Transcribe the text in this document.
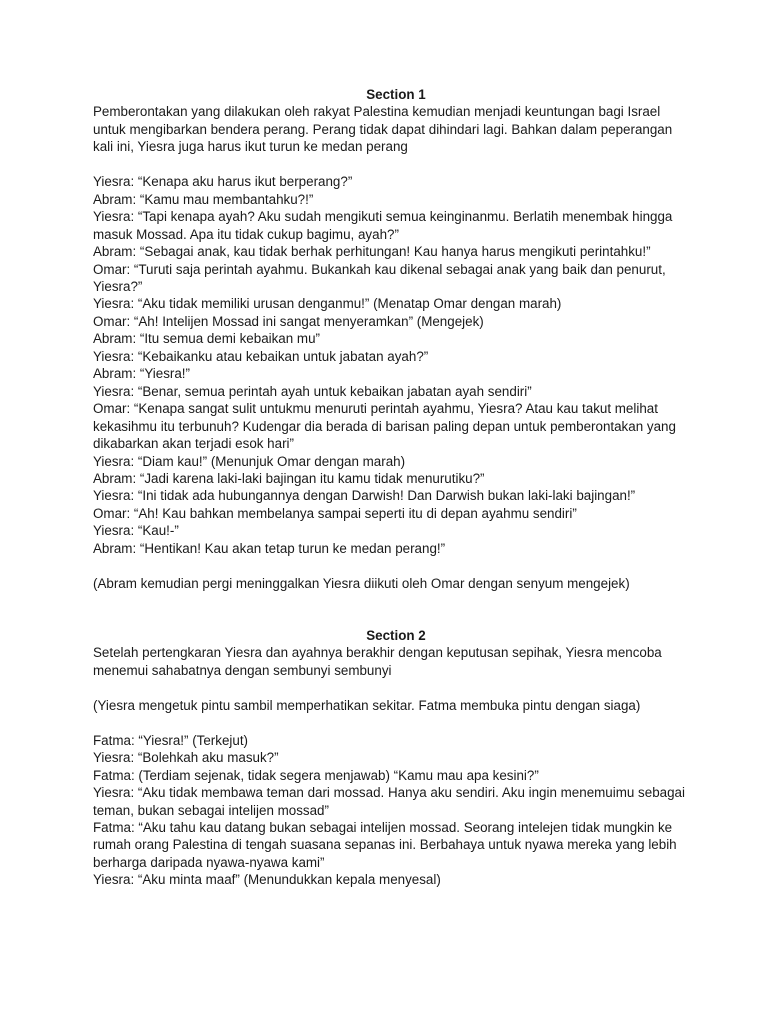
Section 1

Pemberontakan yang dilakukan oleh rakyat Palestina kemudian menjadi keuntungan bagi Israel untuk mengibarkan bendera perang. Perang tidak dapat dihindari lagi. Bahkan dalam peperangan kali ini, Yiesra juga harus ikut turun ke medan perang

Yiesra: “Kenapa aku harus ikut berperang?”

Abram: “Kamu mau membantahku?!”

Yiesra: “Tapi kenapa ayah? Aku sudah mengikuti semua keinginanmu. Berlatih menembak hingga masuk Mossad. Apa itu tidak cukup bagimu, ayah?”

Abram: “Sebagai anak, kau tidak berhak perhitungan! Kau hanya harus mengikuti perintahku!”

Omar: “Turuti saja perintah ayahmu. Bukankah kau dikenal sebagai anak yang baik dan penurut, Yiesra?”

Yiesra: “Aku tidak memiliki urusan denganmu!” (Menatap Omar dengan marah)

Omar: “Ah! Intelijen Mossad ini sangat menyeramkan” (Mengejek)

Abram: “Itu semua demi kebaikan mu”

Yiesra: “Kebaikanku atau kebaikan untuk jabatan ayah?”

Abram: “Yiesra!”

Yiesra: “Benar, semua perintah ayah untuk kebaikan jabatan ayah sendiri”

Omar: “Kenapa sangat sulit untukmu menuruti perintah ayahmu, Yiesra? Atau kau takut melihat kekasihmu itu terbunuh? Kudengar dia berada di barisan paling depan untuk pemberontakan yang dikabarkan akan terjadi esok hari”

Yiesra: “Diam kau!” (Menunjuk Omar dengan marah)

Abram: “Jadi karena laki-laki bajingan itu kamu tidak menurutiku?”

Yiesra: “Ini tidak ada hubungannya dengan Darwish! Dan Darwish bukan laki-laki bajingan!”

Omar: “Ah! Kau bahkan membelanya sampai seperti itu di depan ayahmu sendiri”

Yiesra: “Kau!-”

Abram: “Hentikan! Kau akan tetap turun ke medan perang!”

(Abram kemudian pergi meninggalkan Yiesra diikuti oleh Omar dengan senyum mengejek)

Section 2

Setelah pertengkaran Yiesra dan ayahnya berakhir dengan keputusan sepihak, Yiesra mencoba menemui sahabatnya dengan sembunyi sembunyi

(Yiesra mengetuk pintu sambil memperhatikan sekitar. Fatma membuka pintu dengan siaga)

Fatma: “Yiesra!” (Terkejut)

Yiesra: “Bolehkah aku masuk?”

Fatma: (Terdiam sejenak, tidak segera menjawab) “Kamu mau apa kesini?”

Yiesra: “Aku tidak membawa teman dari mossad. Hanya aku sendiri. Aku ingin menemuimu sebagai teman, bukan sebagai intelijen mossad”

Fatma: “Aku tahu kau datang bukan sebagai intelijen mossad. Seorang intelejen tidak mungkin ke rumah orang Palestina di tengah suasana sepanas ini. Berbahaya untuk nyawa mereka yang lebih berharga daripada nyawa-nyawa kami”

Yiesra: “Aku minta maaf” (Menundukkan kepala menyesal)
